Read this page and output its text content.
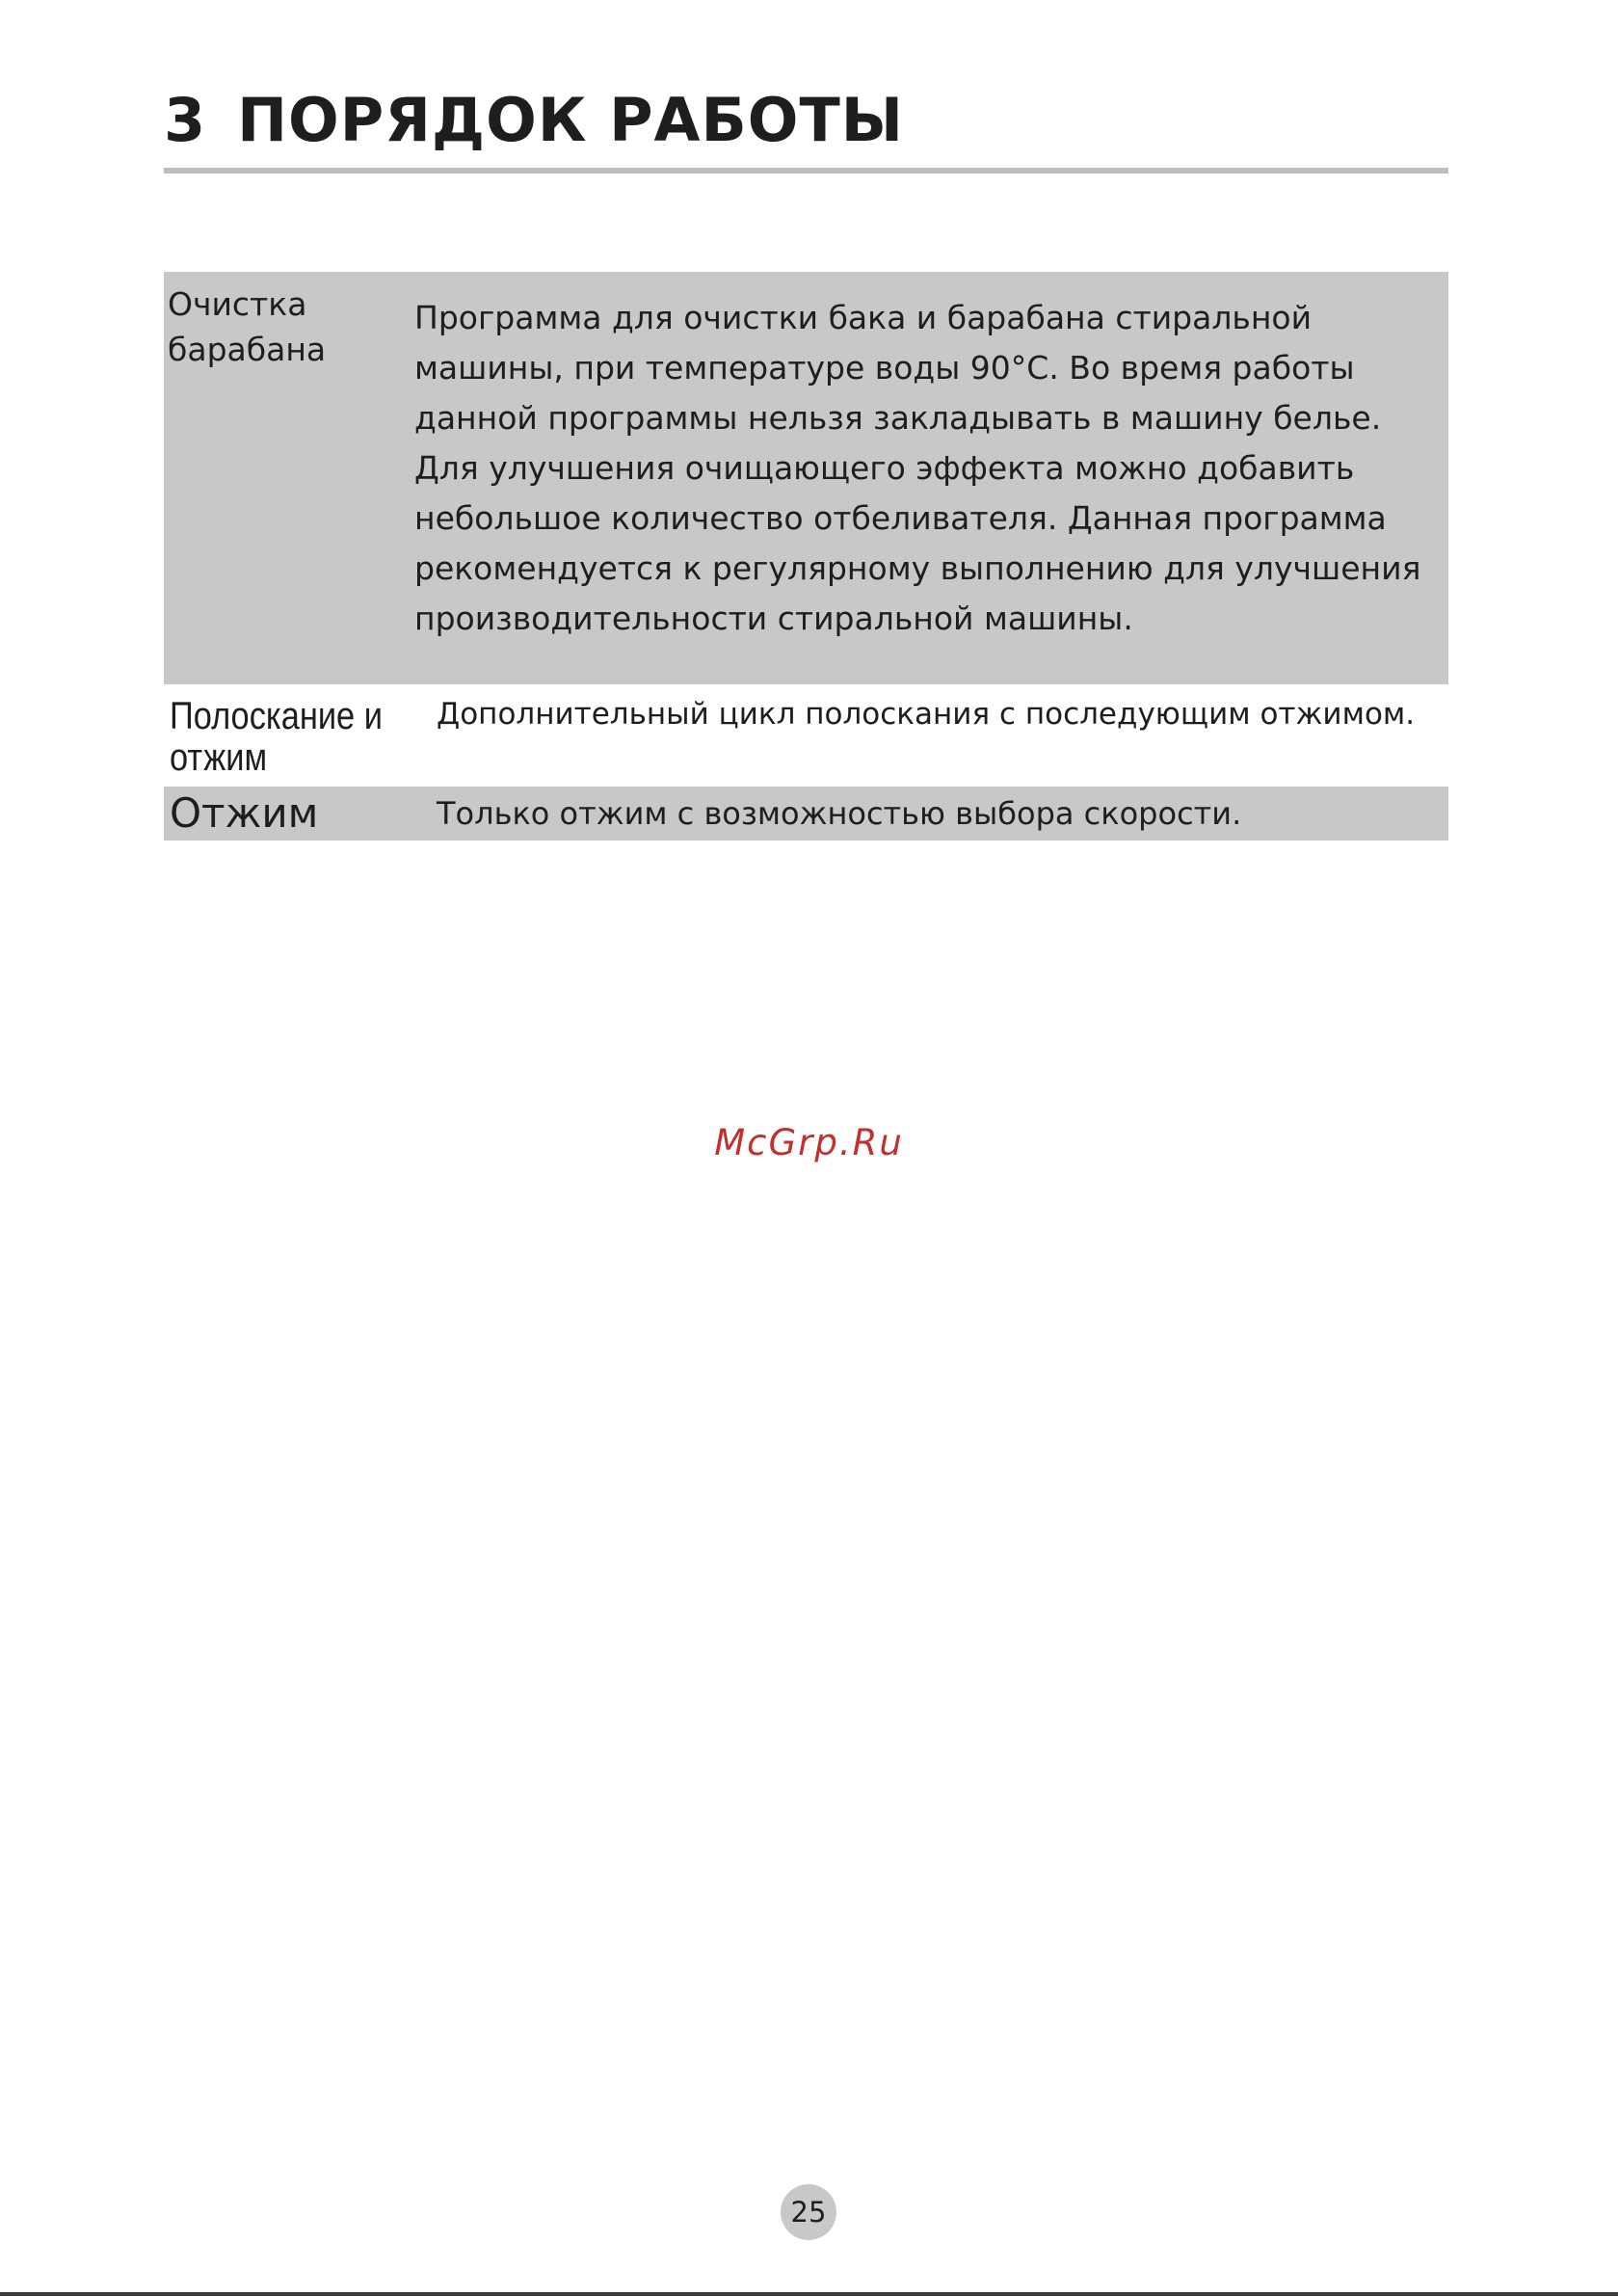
3 ПОРЯДОК РАБОТЫ
Очистка барабана
Программа для очистки бака и барабана стиральной машины, при температуре воды 90°С. Во время работы данной программы нельзя закладывать в машину белье. Для улучшения очищающего эффекта можно добавить небольшое количество отбеливателя. Данная программа рекомендуется к регулярному выполнению для улучшения производительности стиральной машины.
Полоскание и отжим
Дополнительный цикл полоскания с последующим отжимом.
Отжим	Только отжим с возможностью выбора скорости.
McGrp.Ru
25
